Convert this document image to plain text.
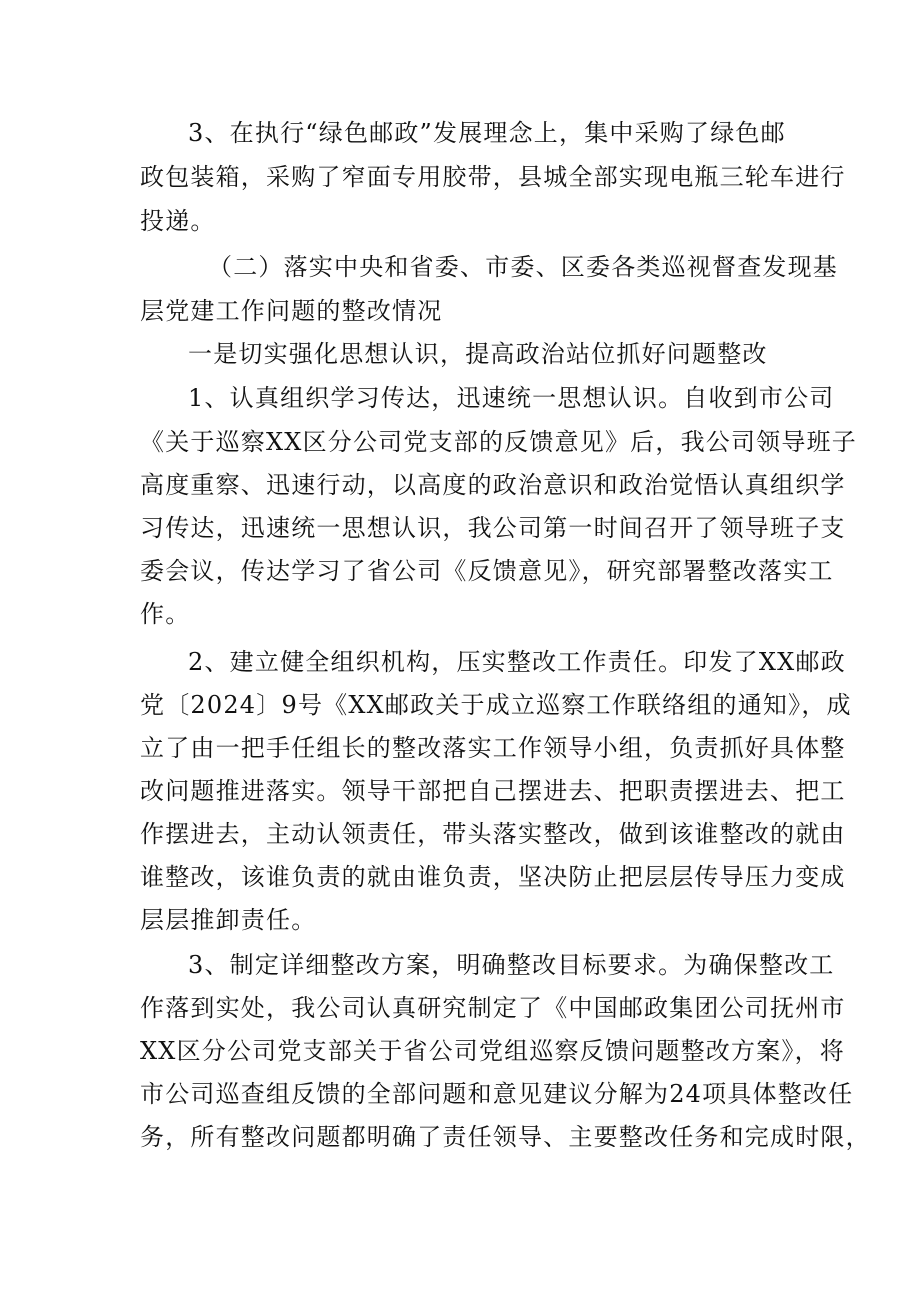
3、在执行“绿色邮政”发展理念上，集中采购了绿色邮
政包装箱，采购了窄面专用胶带，县城全部实现电瓶三轮车进行
投递。
（二）落实中央和省委、市委、区委各类巡视督查发现基
层党建工作问题的整改情况
一是切实强化思想认识，提高政治站位抓好问题整改
1、认真组织学习传达，迅速统一思想认识。自收到市公司
《关于巡察XX区分公司党支部的反馈意见》后，我公司领导班子
高度重察、迅速行动，以高度的政治意识和政治觉悟认真组织学
习传达，迅速统一思想认识，我公司第一时间召开了领导班子支
委会议，传达学习了省公司《反馈意见》，研究部署整改落实工
作。
2、建立健全组织机构，压实整改工作责任。印发了XX邮政
党〔2024〕9号《XX邮政关于成立巡察工作联络组的通知》，成
立了由一把手任组长的整改落实工作领导小组，负责抓好具体整
改问题推进落实。领导干部把自己摆进去、把职责摆进去、把工
作摆进去，主动认领责任，带头落实整改，做到该谁整改的就由
谁整改，该谁负责的就由谁负责，坚决防止把层层传导压力变成
层层推卸责任。
3、制定详细整改方案，明确整改目标要求。为确保整改工
作落到实处，我公司认真研究制定了《中国邮政集团公司抚州市
XX区分公司党支部关于省公司党组巡察反馈问题整改方案》，将
市公司巡查组反馈的全部问题和意见建议分解为24项具体整改任
务，所有整改问题都明确了责任领导、主要整改任务和完成时限，
